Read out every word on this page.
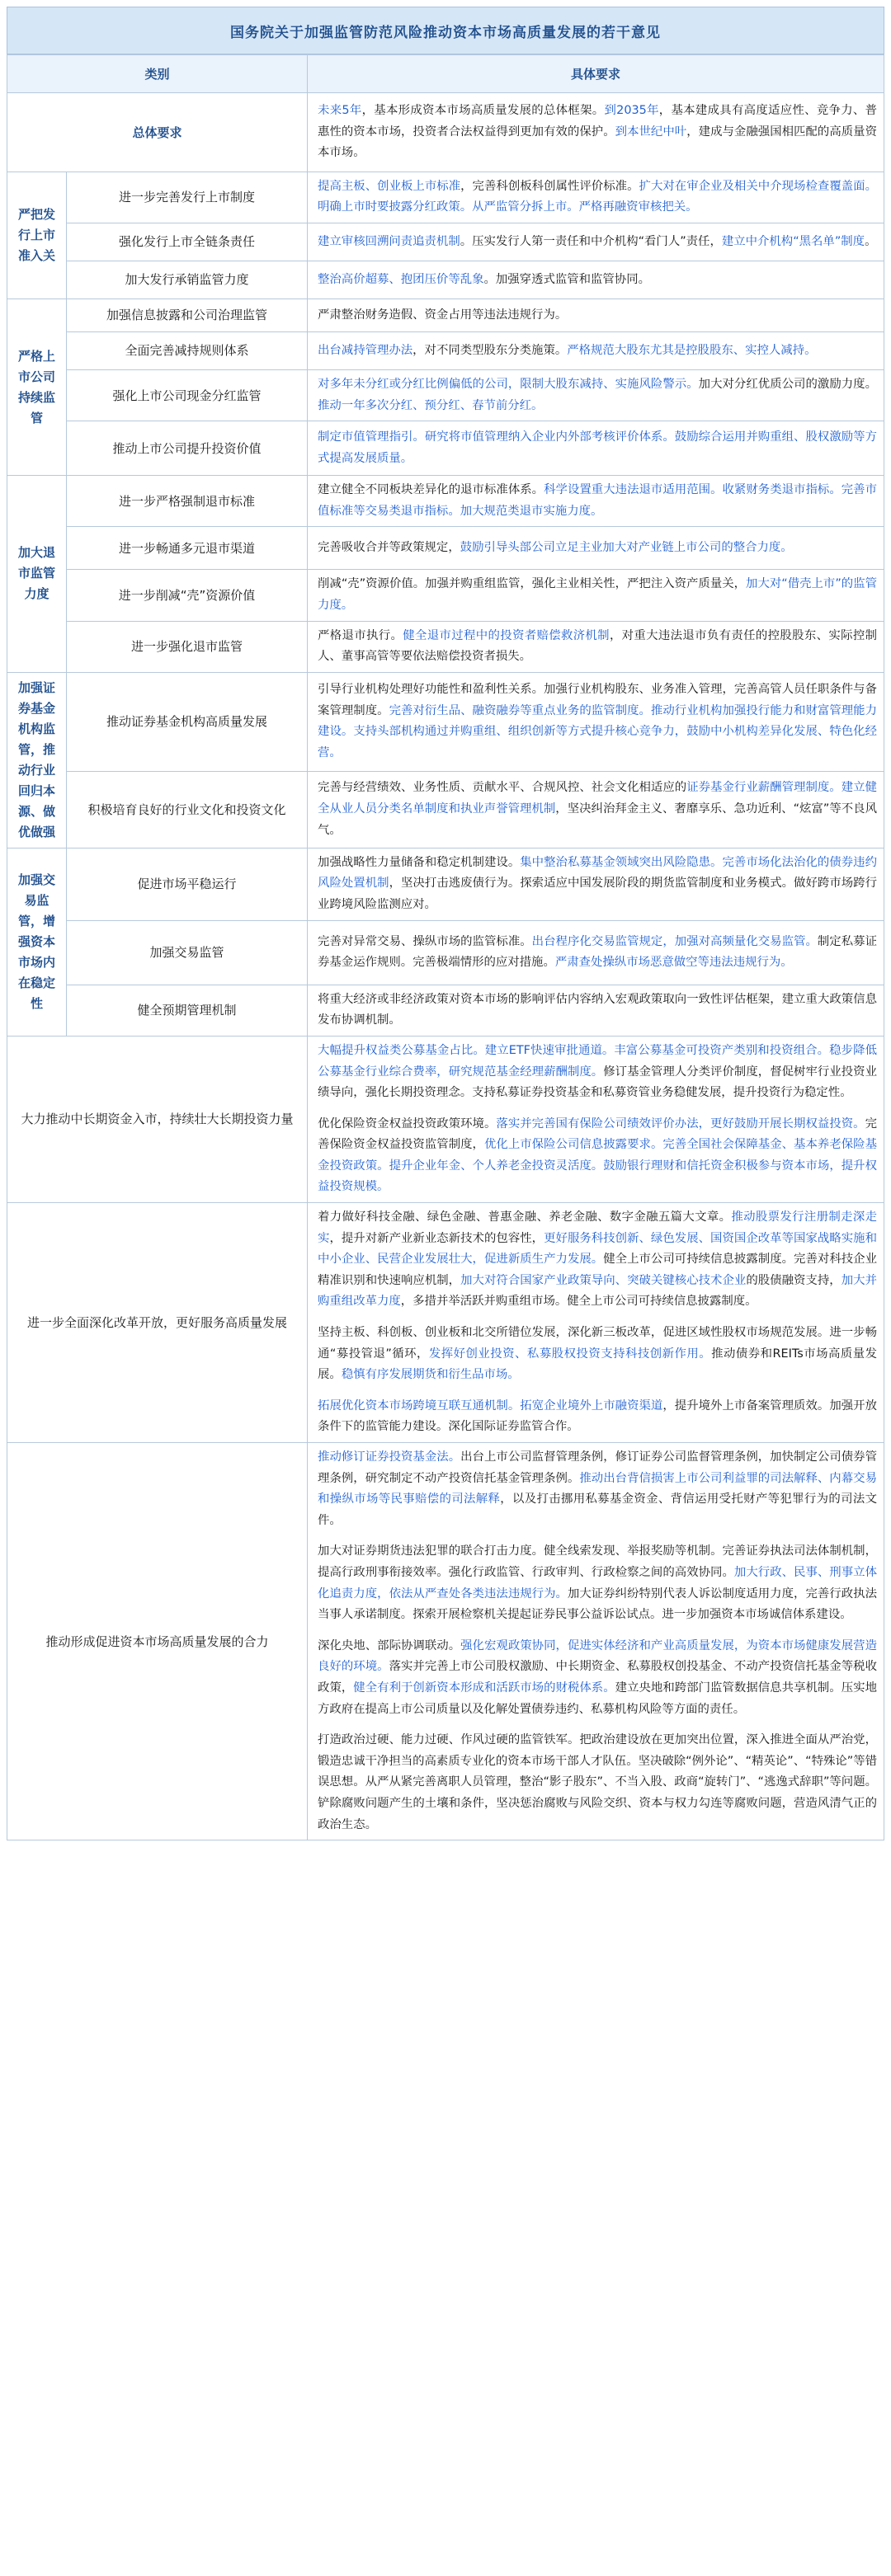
国务院关于加强监管防范风险推动资本市场高质量发展的若干意见
类别		具体要求
总体要求		未来5年，基本形成资本市场高质量发展的总体框架。到2035年，基本建成具有高度适应性、竞争力、普惠性的资本市场，投资者合法权益得到更加有效的保护。到本世纪中叶，建成与金融强国相匹配的高质量资本市场。
严把发行上市准入关	进一步完善发行上市制度	提高主板、创业板上市标准，完善科创板科创属性评价标准。扩大对在审企业及相关中介现场检查覆盖面。明确上市时要披露分红政策。从严监管分拆上市。严格再融资审核把关。
	强化发行上市全链条责任	建立审核回溯问责追责机制。压实发行人第一责任和中介机构“看门人”责任，建立中介机构“黑名单”制度。
	加大发行承销监管力度	整治高价超募、抱团压价等乱象。加强穿透式监管和监管协同。
严格上市公司持续监管	加强信息披露和公司治理监管	严肃整治财务造假、资金占用等违法违规行为。
	全面完善减持规则体系	出台减持管理办法，对不同类型股东分类施策。严格规范大股东尤其是控股股东、实控人减持。
	强化上市公司现金分红监管	对多年未分红或分红比例偏低的公司，限制大股东减持、实施风险警示。加大对分红优质公司的激励力度。推动一年多次分红、预分红、春节前分红。
	推动上市公司提升投资价值	制定市值管理指引。研究将市值管理纳入企业内外部考核评价体系。鼓励综合运用并购重组、股权激励等方式提高发展质量。
加大退市监管力度	进一步严格强制退市标准	建立健全不同板块差异化的退市标准体系。科学设置重大违法退市适用范围。收紧财务类退市指标。完善市值标准等交易类退市指标。加大规范类退市实施力度。
	进一步畅通多元退市渠道	完善吸收合并等政策规定，鼓励引导头部公司立足主业加大对产业链上市公司的整合力度。
	进一步削减“壳”资源价值	削减“壳”资源价值。加强并购重组监管，强化主业相关性，严把注入资产质量关，加大对“借壳上市”的监管力度。
	进一步强化退市监管	严格退市执行。健全退市过程中的投资者赔偿救济机制，对重大违法退市负有责任的控股股东、实际控制人、董事高管等要依法赔偿投资者损失。
加强证券基金机构监管，推动行业回归本源、做优做强	推动证券基金机构高质量发展	引导行业机构处理好功能性和盈利性关系。加强行业机构股东、业务准入管理，完善高管人员任职条件与备案管理制度。完善对衍生品、融资融券等重点业务的监管制度。推动行业机构加强投行能力和财富管理能力建设。支持头部机构通过并购重组、组织创新等方式提升核心竞争力，鼓励中小机构差异化发展、特色化经营。
	积极培育良好的行业文化和投资文化	完善与经营绩效、业务性质、贡献水平、合规风控、社会文化相适应的证券基金行业薪酬管理制度。建立健全从业人员分类名单制度和执业声誉管理机制，坚决纠治拜金主义、奢靡享乐、急功近利、“炫富”等不良风气。
加强交易监管，增强资本市场内在稳定性	促进市场平稳运行	加强战略性力量储备和稳定机制建设。集中整治私募基金领域突出风险隐患。完善市场化法治化的债券违约风险处置机制，坚决打击逃废债行为。探索适应中国发展阶段的期货监管制度和业务模式。做好跨市场跨行业跨境风险监测应对。
	加强交易监管	完善对异常交易、操纵市场的监管标准。出台程序化交易监管规定，加强对高频量化交易监管。制定私募证券基金运作规则。完善极端情形的应对措施。严肃查处操纵市场恶意做空等违法违规行为。
	健全预期管理机制	将重大经济或非经济政策对资本市场的影响评估内容纳入宏观政策取向一致性评估框架，建立重大政策信息发布协调机制。
大力推动中长期资金入市，持续壮大长期投资力量		大幅提升权益类公募基金占比。建立ETF快速审批通道。丰富公募基金可投资产类别和投资组合。稳步降低公募基金行业综合费率，研究规范基金经理薪酬制度。修订基金管理人分类评价制度，督促树牢行业投资业绩导向，强化长期投资理念。支持私募证券投资基金和私募资管业务稳健发展，提升投资行为稳定性。

优化保险资金权益投资政策环境。落实并完善国有保险公司绩效评价办法，更好鼓励开展长期权益投资。完善保险资金权益投资监管制度，优化上市保险公司信息披露要求。完善全国社会保障基金、基本养老保险基金投资政策。提升企业年金、个人养老金投资灵活度。鼓励银行理财和信托资金积极参与资本市场，提升权益投资规模。

进一步全面深化改革开放，更好服务高质量发展		着力做好科技金融、绿色金融、普惠金融、养老金融、数字金融五篇大文章。推动股票发行注册制走深走实，提升对新产业新业态新技术的包容性，更好服务科技创新、绿色发展、国资国企改革等国家战略实施和中小企业、民营企业发展壮大，促进新质生产力发展。健全上市公司可持续信息披露制度。完善对科技企业精准识别和快速响应机制，加大对符合国家产业政策导向、突破关键核心技术企业的股债融资支持，加大并购重组改革力度，多措并举活跃并购重组市场。健全上市公司可持续信息披露制度。

坚持主板、科创板、创业板和北交所错位发展，深化新三板改革，促进区域性股权市场规范发展。进一步畅通“募投管退”循环，发挥好创业投资、私募股权投资支持科技创新作用。推动债券和REITs市场高质量发展。稳慎有序发展期货和衍生品市场。

拓展优化资本市场跨境互联互通机制。拓宽企业境外上市融资渠道，提升境外上市备案管理质效。加强开放条件下的监管能力建设。深化国际证券监管合作。

推动形成促进资本市场高质量发展的合力		推动修订证券投资基金法。出台上市公司监督管理条例，修订证券公司监督管理条例，加快制定公司债券管理条例，研究制定不动产投资信托基金管理条例。推动出台背信损害上市公司利益罪的司法解释、内幕交易和操纵市场等民事赔偿的司法解释，以及打击挪用私募基金资金、背信运用受托财产等犯罪行为的司法文件。

加大对证券期货违法犯罪的联合打击力度。健全线索发现、举报奖励等机制。完善证券执法司法体制机制，提高行政刑事衔接效率。强化行政监管、行政审判、行政检察之间的高效协同。加大行政、民事、刑事立体化追责力度，依法从严查处各类违法违规行为。加大证券纠纷特别代表人诉讼制度适用力度，完善行政执法当事人承诺制度。探索开展检察机关提起证券民事公益诉讼试点。进一步加强资本市场诚信体系建设。

深化央地、部际协调联动。强化宏观政策协同，促进实体经济和产业高质量发展，为资本市场健康发展营造良好的环境。落实并完善上市公司股权激励、中长期资金、私募股权创投基金、不动产投资信托基金等税收政策，健全有利于创新资本形成和活跃市场的财税体系。建立央地和跨部门监管数据信息共享机制。压实地方政府在提高上市公司质量以及化解处置债券违约、私募机构风险等方面的责任。

打造政治过硬、能力过硬、作风过硬的监管铁军。把政治建设放在更加突出位置，深入推进全面从严治党，锻造忠诚干净担当的高素质专业化的资本市场干部人才队伍。坚决破除“例外论”、“精英论”、“特殊论”等错误思想。从严从紧完善离职人员管理，整治“影子股东”、不当入股、政商“旋转门”、“逃逸式辞职”等问题。铲除腐败问题产生的土壤和条件，坚决惩治腐败与风险交织、资本与权力勾连等腐败问题，营造风清气正的政治生态。
